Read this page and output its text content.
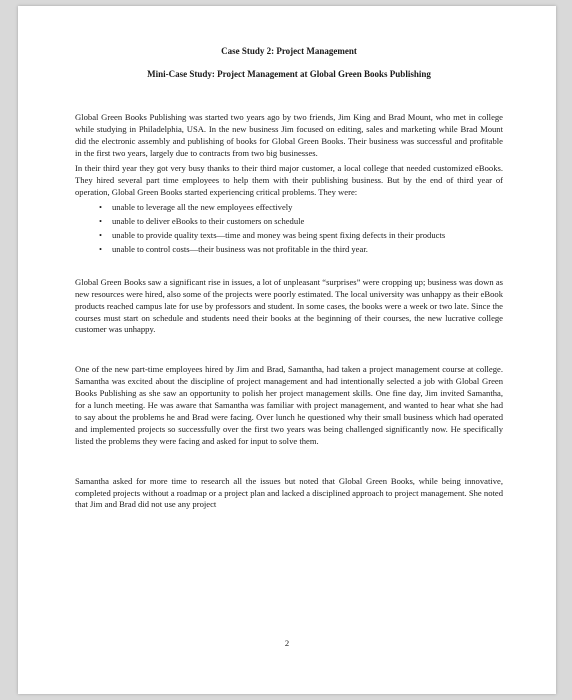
Case Study 2: Project Management
Mini-Case Study: Project Management at Global Green Books Publishing

Global Green Books Publishing was started two years ago by two friends, Jim King and Brad Mount, who met in college while studying in Philadelphia, USA. In the new business Jim focused on editing, sales and marketing while Brad Mount did the electronic assembly and publishing of books for Global Green Books. Their business was successful and profitable in the first two years, largely due to contracts from two big businesses.

In their third year they got very busy thanks to their third major customer, a local college that needed customized eBooks. They hired several part time employees to help them with their publishing business. But by the end of third year of operation, Global Green Books started experiencing critical problems. They were:

• unable to leverage all the new employees effectively
• unable to deliver eBooks to their customers on schedule
• unable to provide quality texts—time and money was being spent fixing defects in their products
• unable to control costs—their business was not profitable in the third year.

Global Green Books saw a significant rise in issues, a lot of unpleasant “surprises” were cropping up; business was down as new resources were hired, also some of the projects were poorly estimated. The local university was unhappy as their eBook products reached campus late for use by professors and student. In some cases, the books were a week or two late. Since the courses must start on schedule and students need their books at the beginning of their courses, the new lucrative college customer was unhappy.

One of the new part-time employees hired by Jim and Brad, Samantha, had taken a project management course at college. Samantha was excited about the discipline of project management and had intentionally selected a job with Global Green Books Publishing as she saw an opportunity to polish her project management skills. One fine day, Jim invited Samantha, for a lunch meeting. He was aware that Samantha was familiar with project management, and wanted to hear what she had to say about the problems he and Brad were facing. Over lunch he questioned why their small business which had operated and implemented projects so successfully over the first two years was being challenged significantly now. He specifically listed the problems they were facing and asked for input to solve them.

Samantha asked for more time to research all the issues but noted that Global Green Books, while being innovative, completed projects without a roadmap or a project plan and lacked a disciplined approach to project management. She noted that Jim and Brad did not use any project

2
